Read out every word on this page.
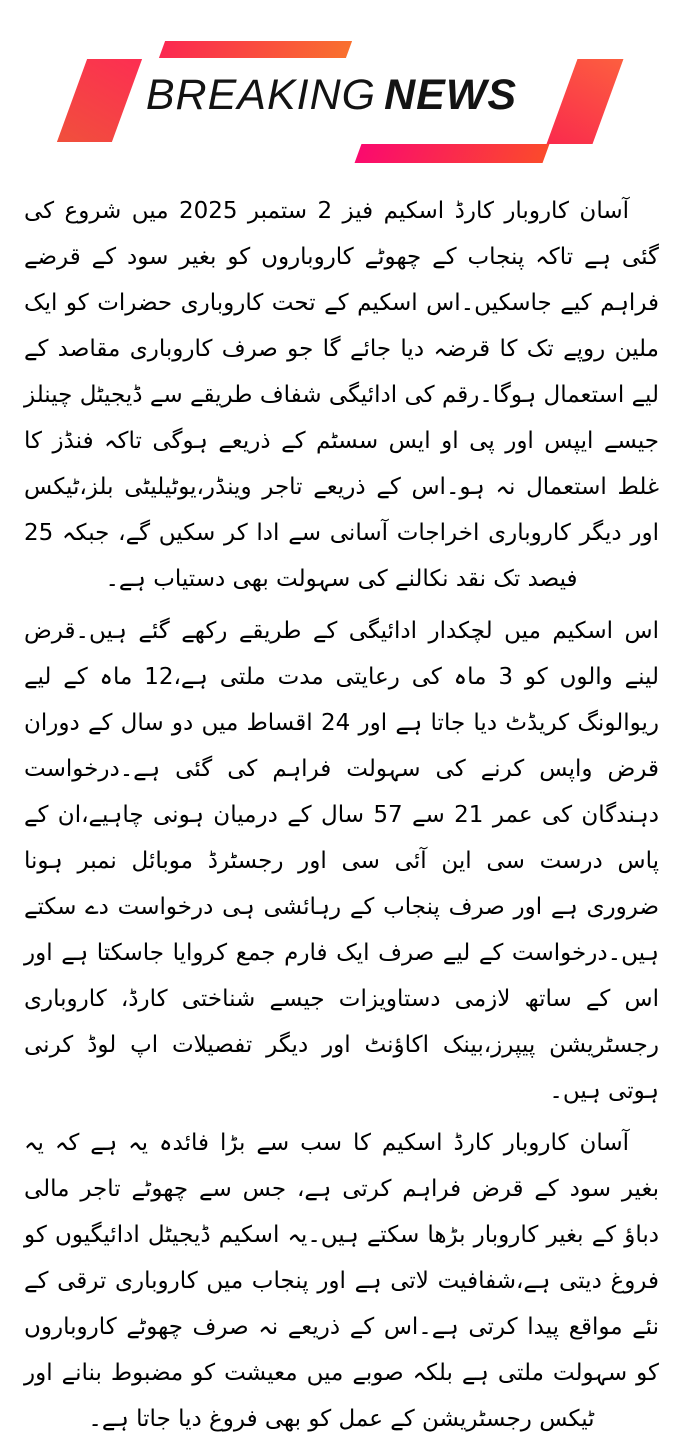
BREAKING NEWS

آسان کاروبار کارڈ اسکیم فیز 2 ستمبر 2025 میں شروع کی گئی ہے تاکہ پنجاب کے چھوٹے کاروباروں کو بغیر سود کے قرضے فراہم کیے جاسکیں۔اس اسکیم کے تحت کاروباری حضرات کو ایک ملین روپے تک کا قرضہ دیا جائے گا جو صرف کاروباری مقاصد کے لیے استعمال ہوگا۔رقم کی ادائیگی شفاف طریقے سے ڈیجیٹل چینلز جیسے ایپس اور پی او ایس سسٹم کے ذریعے ہوگی تاکہ فنڈز کا غلط استعمال نہ ہو۔اس کے ذریعے تاجر وینڈر،یوٹیلیٹی بلز،ٹیکس اور دیگر کاروباری اخراجات آسانی سے ادا کر سکیں گے، جبکہ 25 فیصد تک نقد نکالنے کی سہولت بھی دستیاب ہے۔

اس اسکیم میں لچکدار ادائیگی کے طریقے رکھے گئے ہیں۔قرض لینے والوں کو 3 ماہ کی رعایتی مدت ملتی ہے،12 ماہ کے لیے ریوالونگ کریڈٹ دیا جاتا ہے اور 24 اقساط میں دو سال کے دوران قرض واپس کرنے کی سہولت فراہم کی گئی ہے۔درخواست دہندگان کی عمر 21 سے 57 سال کے درمیان ہونی چاہیے،ان کے پاس درست سی این آئی سی اور رجسٹرڈ موبائل نمبر ہونا ضروری ہے اور صرف پنجاب کے رہائشی ہی درخواست دے سکتے ہیں۔درخواست کے لیے صرف ایک فارم جمع کروایا جاسکتا ہے اور اس کے ساتھ لازمی دستاویزات جیسے شناختی کارڈ، کاروباری رجسٹریشن پیپرز،بینک اکاؤنٹ اور دیگر تفصیلات اپ لوڈ کرنی ہوتی ہیں۔

آسان کاروبار کارڈ اسکیم کا سب سے بڑا فائدہ یہ ہے کہ یہ بغیر سود کے قرض فراہم کرتی ہے، جس سے چھوٹے تاجر مالی دباؤ کے بغیر کاروبار بڑھا سکتے ہیں۔یہ اسکیم ڈیجیٹل ادائیگیوں کو فروغ دیتی ہے،شفافیت لاتی ہے اور پنجاب میں کاروباری ترقی کے نئے مواقع پیدا کرتی ہے۔اس کے ذریعے نہ صرف چھوٹے کاروباروں کو سہولت ملتی ہے بلکہ صوبے میں معیشت کو مضبوط بنانے اور ٹیکس رجسٹریشن کے عمل کو بھی فروغ دیا جاتا ہے۔
